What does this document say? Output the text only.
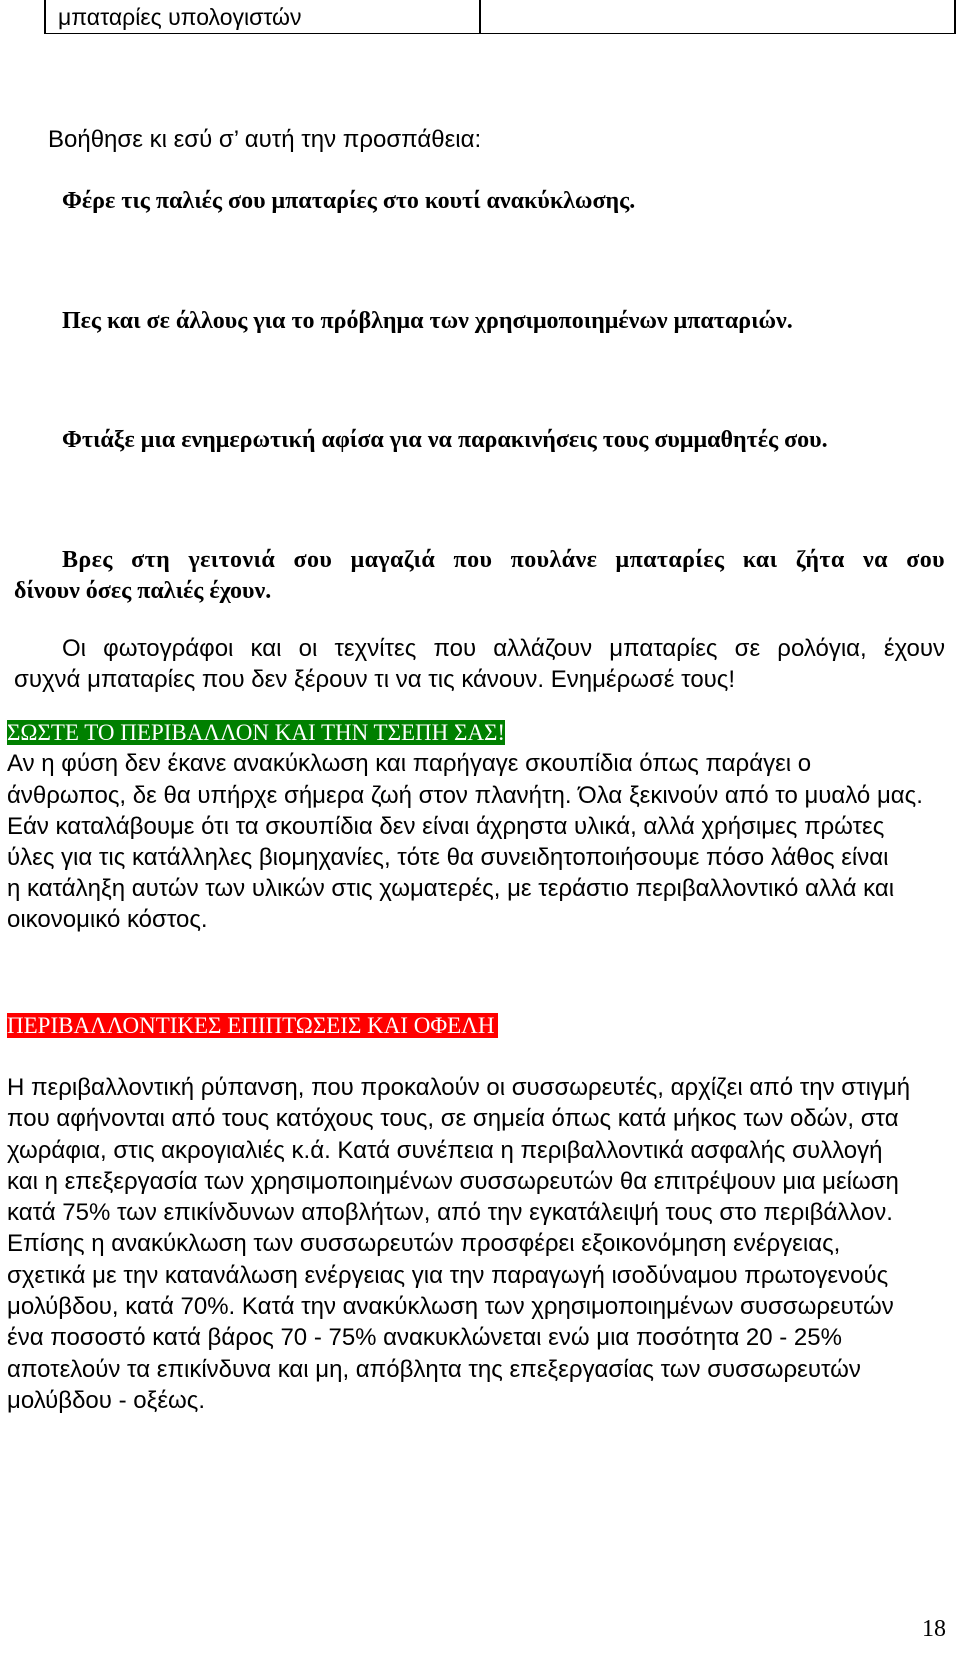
μπαταρίες υπολογιστών

Βοήθησε κι εσύ σ’ αυτή την προσπάθεια:

Φέρε τις παλιές σου μπαταρίες στο κουτί ανακύκλωσης.

Πες και σε άλλους για το πρόβλημα των χρησιμοποιημένων μπαταριών.

Φτιάξε μια ενημερωτική αφίσα για να παρακινήσεις τους συμμαθητές σου.

Βρες στη γειτονιά σου μαγαζιά που πουλάνε μπαταρίες και ζήτα να σου

δίνουν όσες παλιές έχουν.

Οι φωτογράφοι και οι τεχνίτες που αλλάζουν μπαταρίες σε ρολόγια, έχουν

συχνά μπαταρίες που δεν ξέρουν τι να τις κάνουν. Ενημέρωσέ τους!

ΣΩΣΤΕ ΤΟ ΠΕΡΙΒΑΛΛΟΝ ΚΑΙ ΤΗΝ ΤΣΕΠΗ ΣΑΣ!

Αν η φύση δεν έκανε ανακύκλωση και παρήγαγε σκουπίδια όπως παράγει ο

άνθρωπος, δε θα υπήρχε σήμερα ζωή στον πλανήτη. Όλα ξεκινούν από το μυαλό μας.

Εάν καταλάβουμε ότι τα σκουπίδια δεν είναι άχρηστα υλικά, αλλά χρήσιμες πρώτες

ύλες για τις κατάλληλες βιομηχανίες, τότε θα συνειδητοποιήσουμε πόσο λάθος είναι

η κατάληξη αυτών των υλικών στις χωματερές, με τεράστιο περιβαλλοντικό αλλά και

οικονομικό κόστος.

ΠΕΡΙΒΑΛΛΟΝΤΙΚΕΣ ΕΠΙΠΤΩΣΕΙΣ ΚΑΙ ΟΦΕΛΗ

Η περιβαλλοντική ρύπανση, που προκαλούν οι συσσωρευτές, αρχίζει από την στιγμή

που αφήνονται από τους κατόχους τους, σε σημεία όπως κατά μήκος των οδών, στα

χωράφια, στις ακρογιαλιές κ.ά. Κατά συνέπεια η περιβαλλοντικά ασφαλής συλλογή

και η επεξεργασία των χρησιμοποιημένων συσσωρευτών θα επιτρέψουν μια μείωση

κατά 75% των επικίνδυνων αποβλήτων, από την εγκατάλειψή τους στο περιβάλλον.

Επίσης η ανακύκλωση των συσσωρευτών προσφέρει εξοικονόμηση ενέργειας,

σχετικά με την κατανάλωση ενέργειας για την παραγωγή ισοδύναμου πρωτογενούς

μολύβδου, κατά 70%. Κατά την ανακύκλωση των χρησιμοποιημένων συσσωρευτών

ένα ποσοστό κατά βάρος 70 - 75% ανακυκλώνεται ενώ μια ποσότητα 20 - 25%

αποτελούν τα επικίνδυνα και μη, απόβλητα της επεξεργασίας των συσσωρευτών

μολύβδου - οξέως.

18
